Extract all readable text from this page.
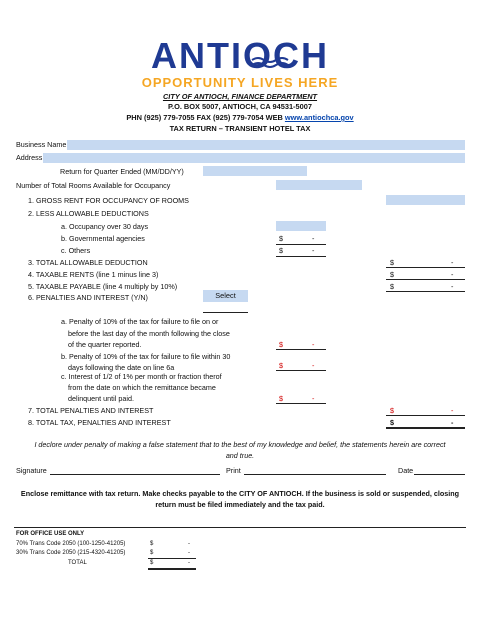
ANTIOCH
OPPORTUNITY LIVES HERE
CITY OF ANTIOCH, FINANCE DEPARTMENT
P.O. BOX 5007, ANTIOCH, CA 94531-5007
PHN (925) 779-7055 FAX (925) 779-7054 WEB www.antiochca.gov
TAX RETURN – TRANSIENT HOTEL TAX
Business Name
Address
Return for Quarter Ended (MM/DD/YY)
Number of Total Rooms Available for Occupancy
1. GROSS RENT FOR OCCUPANCY OF ROOMS
2. LESS ALLOWABLE DEDUCTIONS
a. Occupancy over 30 days
b. Governmental agencies	$	-
c. Others	$	-
3. TOTAL ALLOWABLE DEDUCTION	$	-
4. TAXABLE RENTS (line 1 minus line 3)	$	-
5. TAXABLE PAYABLE (line 4 multiply by 10%)	$	-
6. PENALTIES AND INTEREST (Y/N)	Select
a. Penalty of 10% of the tax for failure to file on or
before the last day of the month following the close
of the quarter reported.	$	-
b. Penalty of 10% of the tax for failure to file within 30
days following the date on line 6a	$	-
c. Interest of 1/2 of 1% per month or fraction therof
from the date on which the remittance became
delinquent until paid.	$	-
7. TOTAL PENALTIES AND INTEREST	$	-
8. TOTAL TAX, PENALTIES AND INTEREST	$	-
I declore under penalty of making a false statement that to the best of my knowledge and belief, the statements herein are correct
and true.
Signature	Print	Date
Enclose remittance with tax return. Make checks payable to the CITY OF ANTIOCH. If the business is sold or suspended, closing
return must be filed immediately and the tax paid.
FOR OFFICE USE ONLY
70% Trans Code 2050 (100-1250-41205)	$	-
30% Trans Code 2050 (215-4320-41205)	$	-
TOTAL	$	-
